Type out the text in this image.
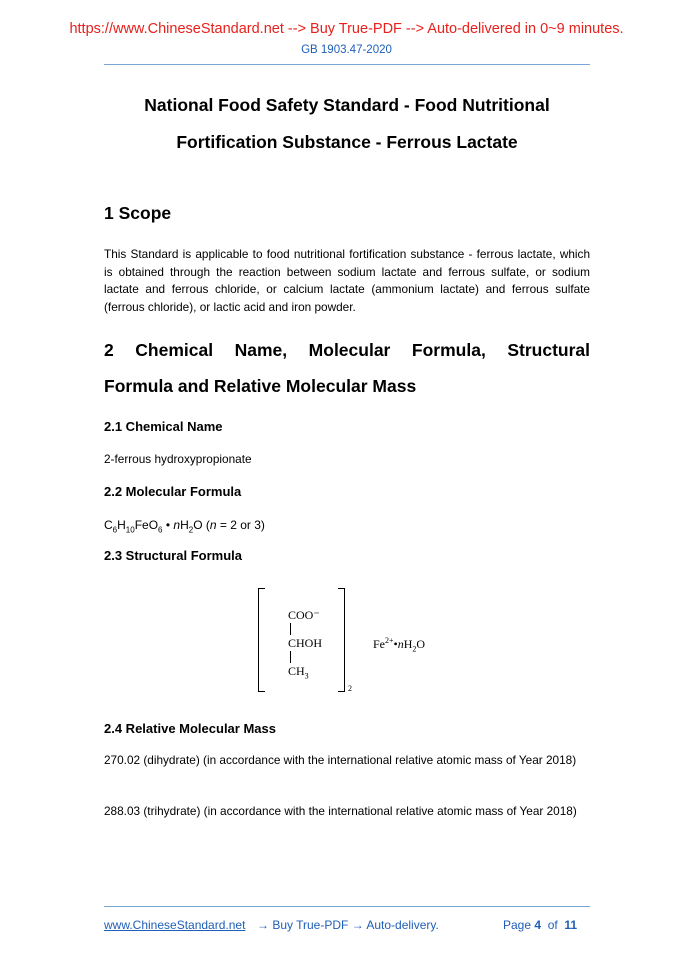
https://www.ChineseStandard.net --> Buy True-PDF --> Auto-delivered in 0~9 minutes.
GB 1903.47-2020
National Food Safety Standard - Food Nutritional
Fortification Substance - Ferrous Lactate
1 Scope
This Standard is applicable to food nutritional fortification substance - ferrous lactate, which is obtained through the reaction between sodium lactate and ferrous sulfate, or sodium lactate and ferrous chloride, or calcium lactate (ammonium lactate) and ferrous sulfate (ferrous chloride), or lactic acid and iron powder.
2 Chemical Name, Molecular Formula, Structural
Formula and Relative Molecular Mass
2.1 Chemical Name
2-ferrous hydroxypropionate
2.2 Molecular Formula
$C_6H_{10}FeO_6$ • $nH_2O$ (n = 2 or 3)
2.3 Structural Formula
2
COO⁻
CHOH
$CH_3$
$Fe^{2+}•nH_2O$
2.4 Relative Molecular Mass
270.02 (dihydrate) (in accordance with the international relative atomic mass of Year 2018)
288.03 (trihydrate) (in accordance with the international relative atomic mass of Year 2018)
www.ChineseStandard.net → Buy True-PDF → Auto-delivery.	Page 4 of 11
